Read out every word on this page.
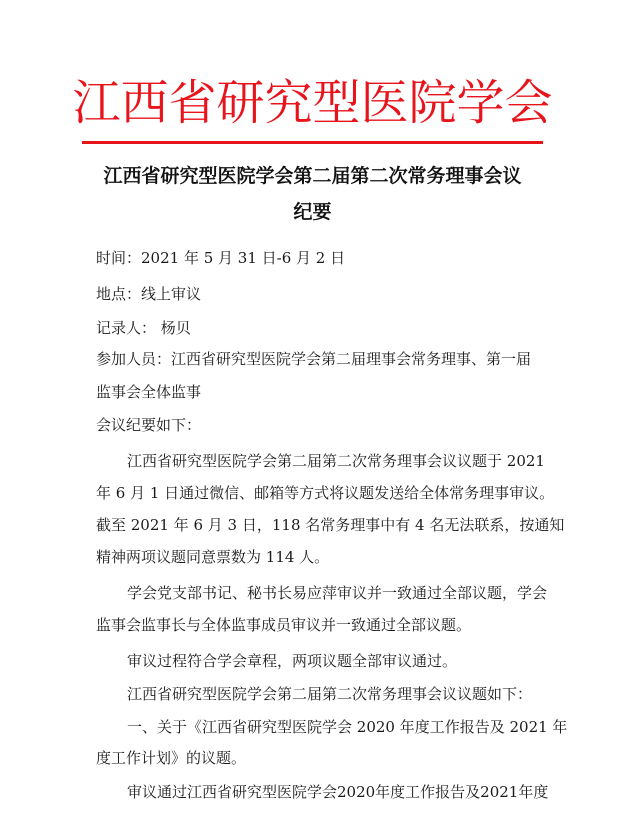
江西省研究型医院学会
江西省研究型医院学会第二届第二次常务理事会议
纪要
时间：2021 年 5 月 31 日-6 月 2 日
地点：线上审议
记录人： 杨贝
参加人员：江西省研究型医院学会第二届理事会常务理事、第一届
监事会全体监事
会议纪要如下：
江西省研究型医院学会第二届第二次常务理事会议议题于 2021
年 6 月 1 日通过微信、邮箱等方式将议题发送给全体常务理事审议。
截至 2021 年 6 月 3 日，118 名常务理事中有 4 名无法联系，按通知
精神两项议题同意票数为 114 人。
学会党支部书记、秘书长易应萍审议并一致通过全部议题，学会
监事会监事长与全体监事成员审议并一致通过全部议题。
审议过程符合学会章程，两项议题全部审议通过。
江西省研究型医院学会第二届第二次常务理事会议议题如下：
一、关于《江西省研究型医院学会 2020 年度工作报告及 2021 年
度工作计划》的议题。
审议通过江西省研究型医院学会2020年度工作报告及2021年度
